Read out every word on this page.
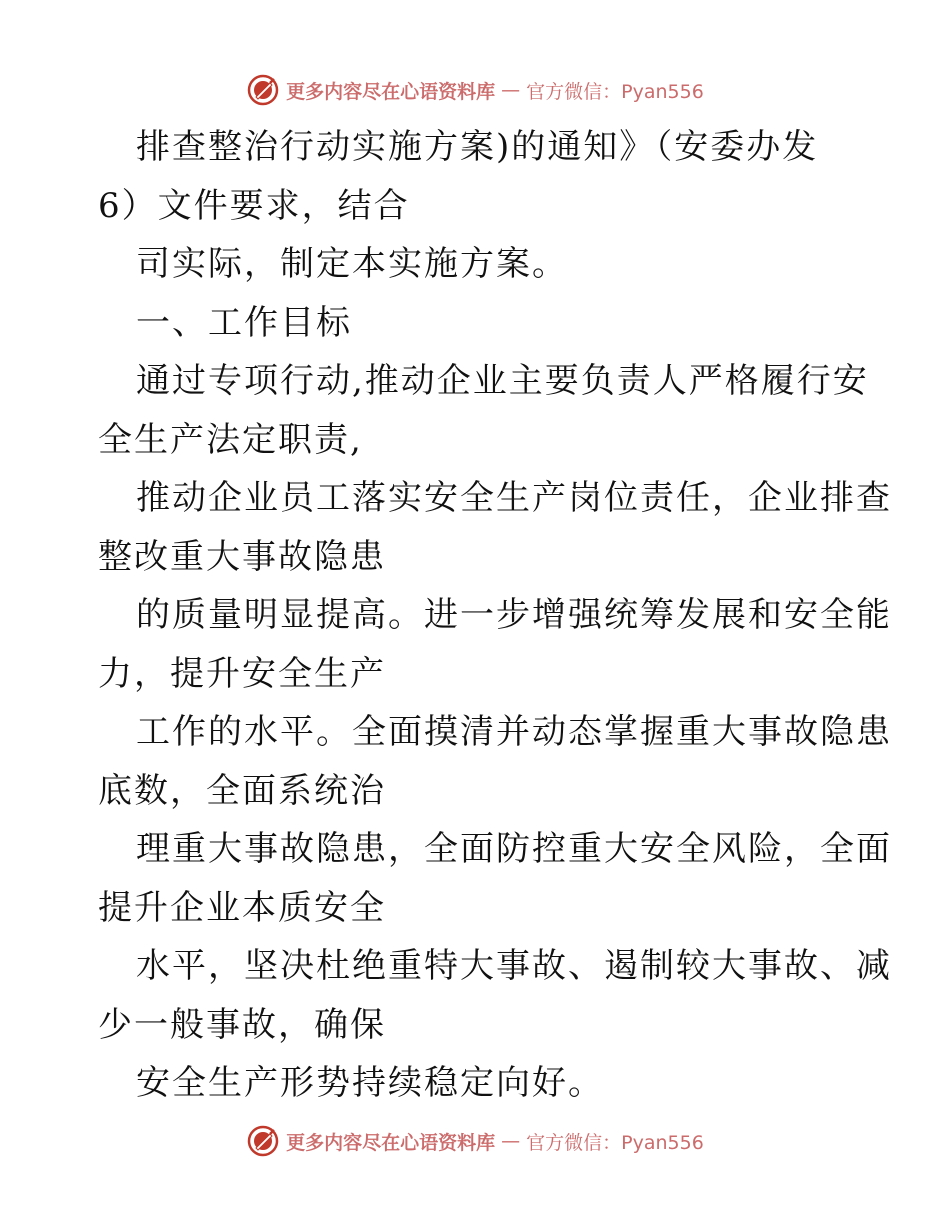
更多内容尽在心语资料库 — 官方微信：Pyan556
排查整治行动实施方案)的通知》（安委办发
6）文件要求，结合
司实际，制定本实施方案。
一、工作目标
通过专项行动,推动企业主要负责人严格履行安
全生产法定职责,
推动企业员工落实安全生产岗位责任，企业排查
整改重大事故隐患
的质量明显提高。进一步增强统筹发展和安全能
力，提升安全生产
工作的水平。全面摸清并动态掌握重大事故隐患
底数，全面系统治
理重大事故隐患，全面防控重大安全风险，全面
提升企业本质安全
水平，坚决杜绝重特大事故、遏制较大事故、减
少一般事故，确保
安全生产形势持续稳定向好。
更多内容尽在心语资料库 — 官方微信：Pyan556
